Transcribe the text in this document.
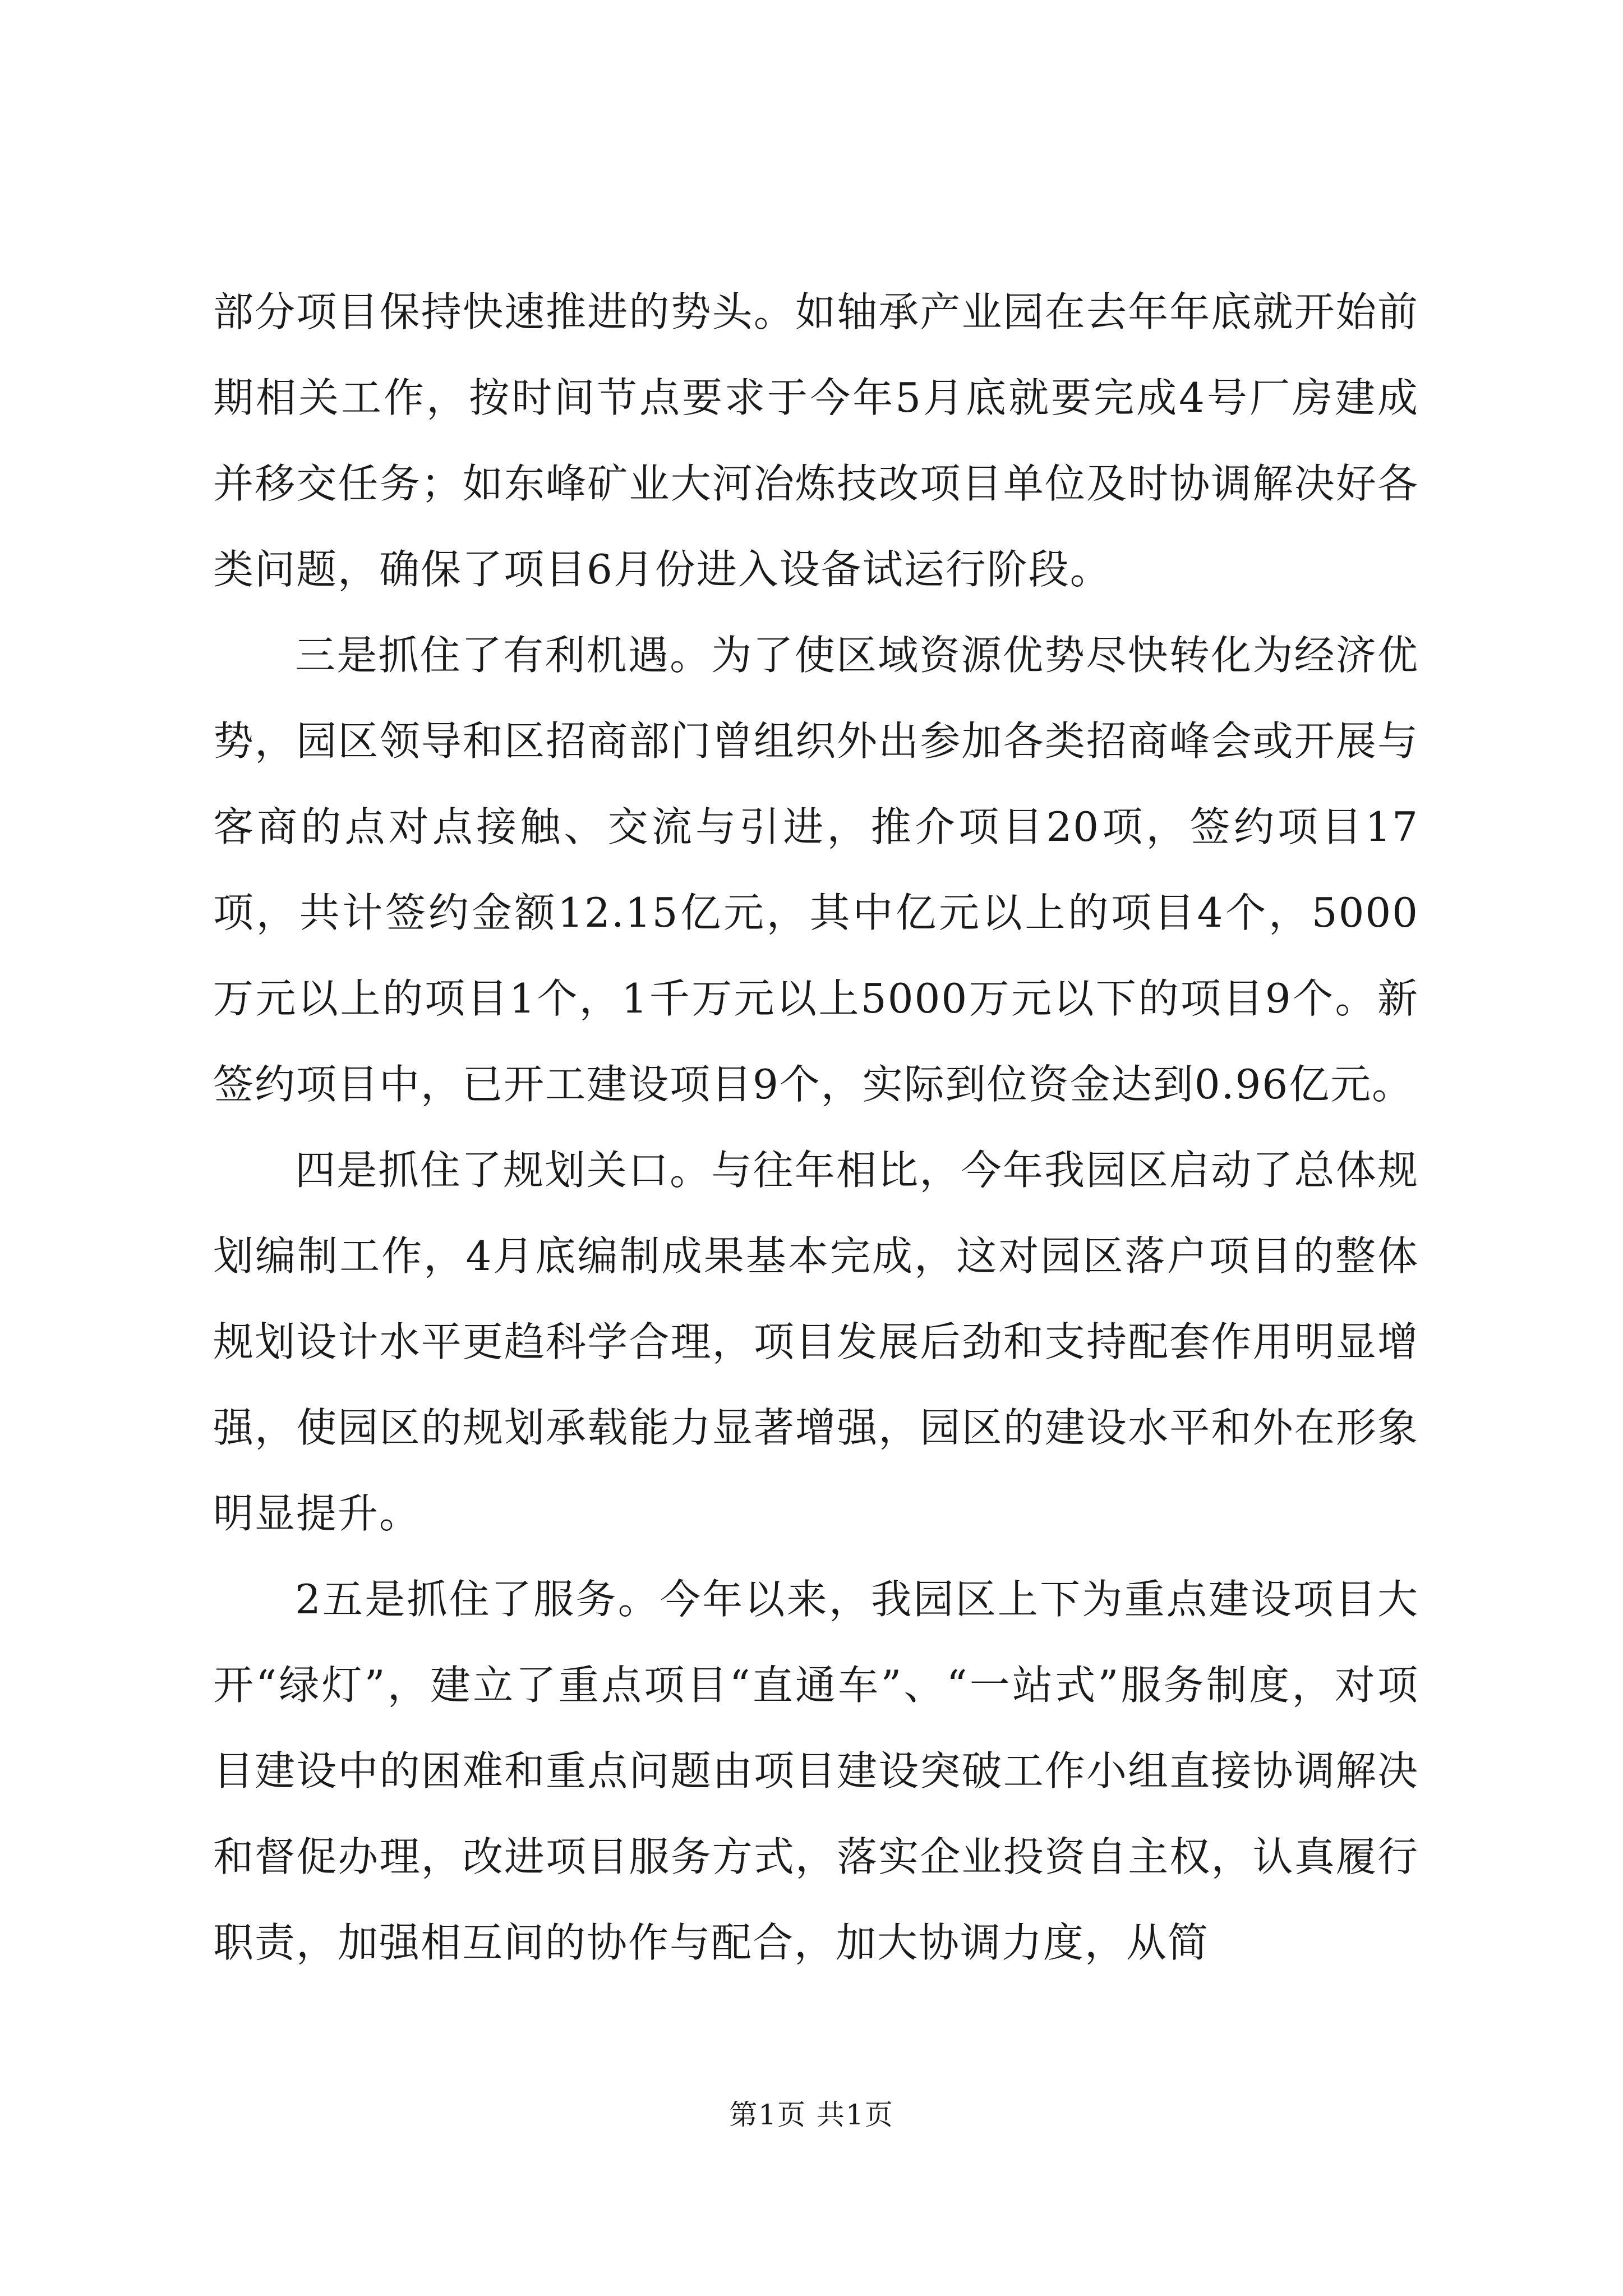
部分项目保持快速推进的势头。如轴承产业园在去年年底就开始前期相关工作，按时间节点要求于今年5月底就要完成4号厂房建成并移交任务；如东峰矿业大河冶炼技改项目单位及时协调解决好各类问题，确保了项目6月份进入设备试运行阶段。

三是抓住了有利机遇。为了使区域资源优势尽快转化为经济优势，园区领导和区招商部门曾组织外出参加各类招商峰会或开展与客商的点对点接触、交流与引进，推介项目20项，签约项目17项，共计签约金额12.15亿元，其中亿元以上的项目4个，5000万元以上的项目1个，1千万元以上5000万元以下的项目9个。新签约项目中，已开工建设项目9个，实际到位资金达到0.96亿元。

四是抓住了规划关口。与往年相比，今年我园区启动了总体规划编制工作，4月底编制成果基本完成，这对园区落户项目的整体规划设计水平更趋科学合理，项目发展后劲和支持配套作用明显增强，使园区的规划承载能力显著增强，园区的建设水平和外在形象明显提升。

2五是抓住了服务。今年以来，我园区上下为重点建设项目大开“绿灯”，建立了重点项目“直通车”、“一站式”服务制度，对项目建设中的困难和重点问题由项目建设突破工作小组直接协调解决和督促办理，改进项目服务方式，落实企业投资自主权，认真履行职责，加强相互间的协作与配合，加大协调力度，从简

第1页 共1页
